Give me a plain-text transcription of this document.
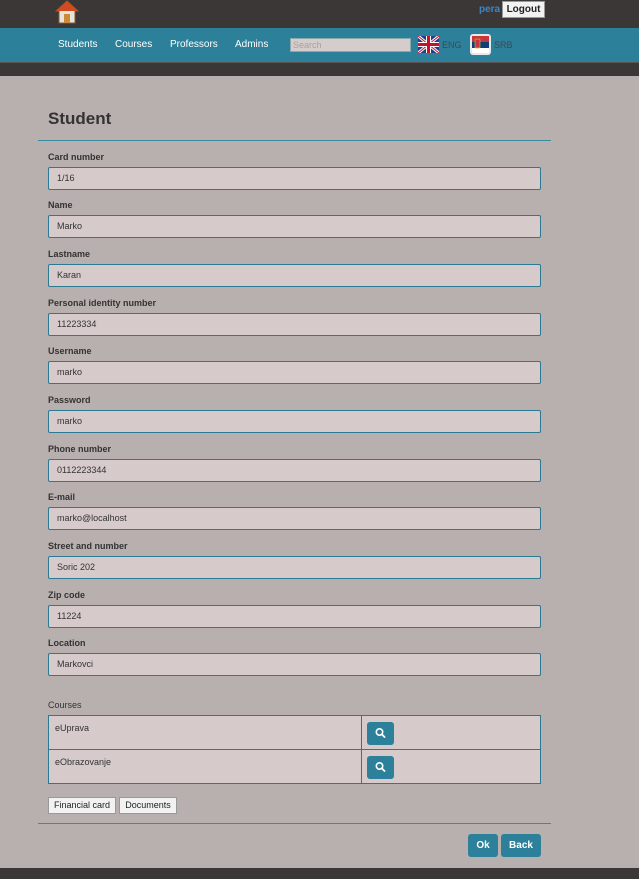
pera Logout
Students Courses Professors Admins	Search	ENG	SRB
Student
Card number
1/16
Name
Marko
Lastname
Karan
Personal identity number
11223334
Username
marko
Password
marko
Phone number
0112223344
E-mail
marko@localhost
Street and number
Soric 202
Zip code
11224
Location
Markovci
Courses
eUprava
eObrazovanje
Financial card	Documents
Ok	Back
